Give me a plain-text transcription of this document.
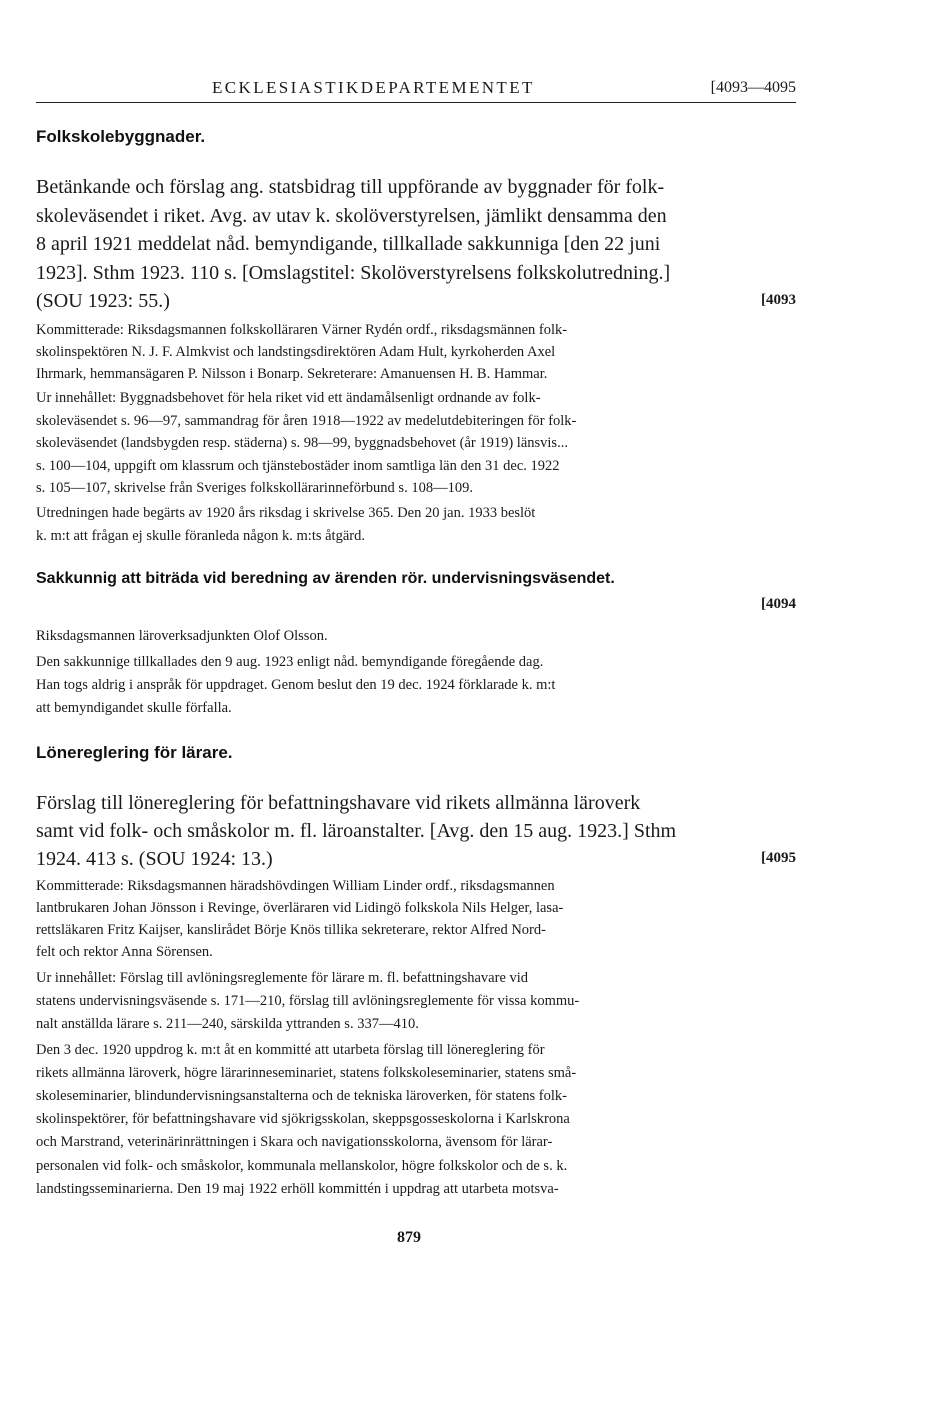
ECKLESIASTIKDEPARTEMENTET	[4093—4095
Folkskolebyggnader.
Betänkande och förslag ang. statsbidrag till uppförande av byggnader för folk-
skoleväsendet i riket. Avg. av utav k. skolöverstyrelsen, jämlikt densamma den
8 april 1921 meddelat nåd. bemyndigande, tillkallade sakkunniga [den 22 juni
1923]. Sthm 1923. 110 s. [Omslagstitel: Skolöverstyrelsens folkskolutredning.]
(SOU 1923: 55.)	[4093
Kommitterade: Riksdagsmannen folkskolläraren Värner Rydén ordf., riksdagsmännen folk-
skolinspektören N. J. F. Almkvist och landstingsdirektören Adam Hult, kyrkoherden Axel
Ihrmark, hemmansägaren P. Nilsson i Bonarp. Sekreterare: Amanuensen H. B. Hammar.
Ur innehållet: Byggnadsbehovet för hela riket vid ett ändamålsenligt ordnande av folk-
skoleväsendet s. 96—97, sammandrag för åren 1918—1922 av medelutdebiteringen för folk-
skoleväsendet (landsbygden resp. städerna) s. 98—99, byggnadsbehovet (år 1919) länsvis...
s. 100—104, uppgift om klassrum och tjänstebostäder inom samtliga län den 31 dec. 1922
s. 105—107, skrivelse från Sveriges folkskollärarinneförbund s. 108—109.
Utredningen hade begärts av 1920 års riksdag i skrivelse 365. Den 20 jan. 1933 beslöt
k. m:t att frågan ej skulle föranleda någon k. m:ts åtgärd.
Sakkunnig att biträda vid beredning av ärenden rör. undervisningsväsendet.
[4094
Riksdagsmannen läroverksadjunkten Olof Olsson.
Den sakkunnige tillkallades den 9 aug. 1923 enligt nåd. bemyndigande föregående dag.
Han togs aldrig i anspråk för uppdraget. Genom beslut den 19 dec. 1924 förklarade k. m:t
att bemyndigandet skulle förfalla.
Lönereglering för lärare.
Förslag till lönereglering för befattningshavare vid rikets allmänna läroverk
samt vid folk- och småskolor m. fl. läroanstalter. [Avg. den 15 aug. 1923.] Sthm
1924. 413 s. (SOU 1924: 13.)	[4095
Kommitterade: Riksdagsmannen häradshövdingen William Linder ordf., riksdagsmannen
lantbrukaren Johan Jönsson i Revinge, överläraren vid Lidingö folkskola Nils Helger, lasa-
rettsläkaren Fritz Kaijser, kanslirådet Börje Knös tillika sekreterare, rektor Alfred Nord-
felt och rektor Anna Sörensen.
Ur innehållet: Förslag till avlöningsreglemente för lärare m. fl. befattningshavare vid
statens undervisningsväsende s. 171—210, förslag till avlöningsreglemente för vissa kommu-
nalt anställda lärare s. 211—240, särskilda yttranden s. 337—410.
Den 3 dec. 1920 uppdrog k. m:t åt en kommitté att utarbeta förslag till lönereglering för
rikets allmänna läroverk, högre lärarinneseminariet, statens folkskoleseminarier, statens små-
skoleseminarier, blindundervisningsanstalterna och de tekniska läroverken, för statens folk-
skolinspektörer, för befattningshavare vid sjökrigsskolan, skeppsgosseskolorna i Karlskrona
och Marstrand, veterinärinrättningen i Skara och navigationsskolorna, ävensom för lärar-
personalen vid folk- och småskolor, kommunala mellanskolor, högre folkskolor och de s. k.
landstingsseminarierna. Den 19 maj 1922 erhöll kommittén i uppdrag att utarbeta motsva-
879
